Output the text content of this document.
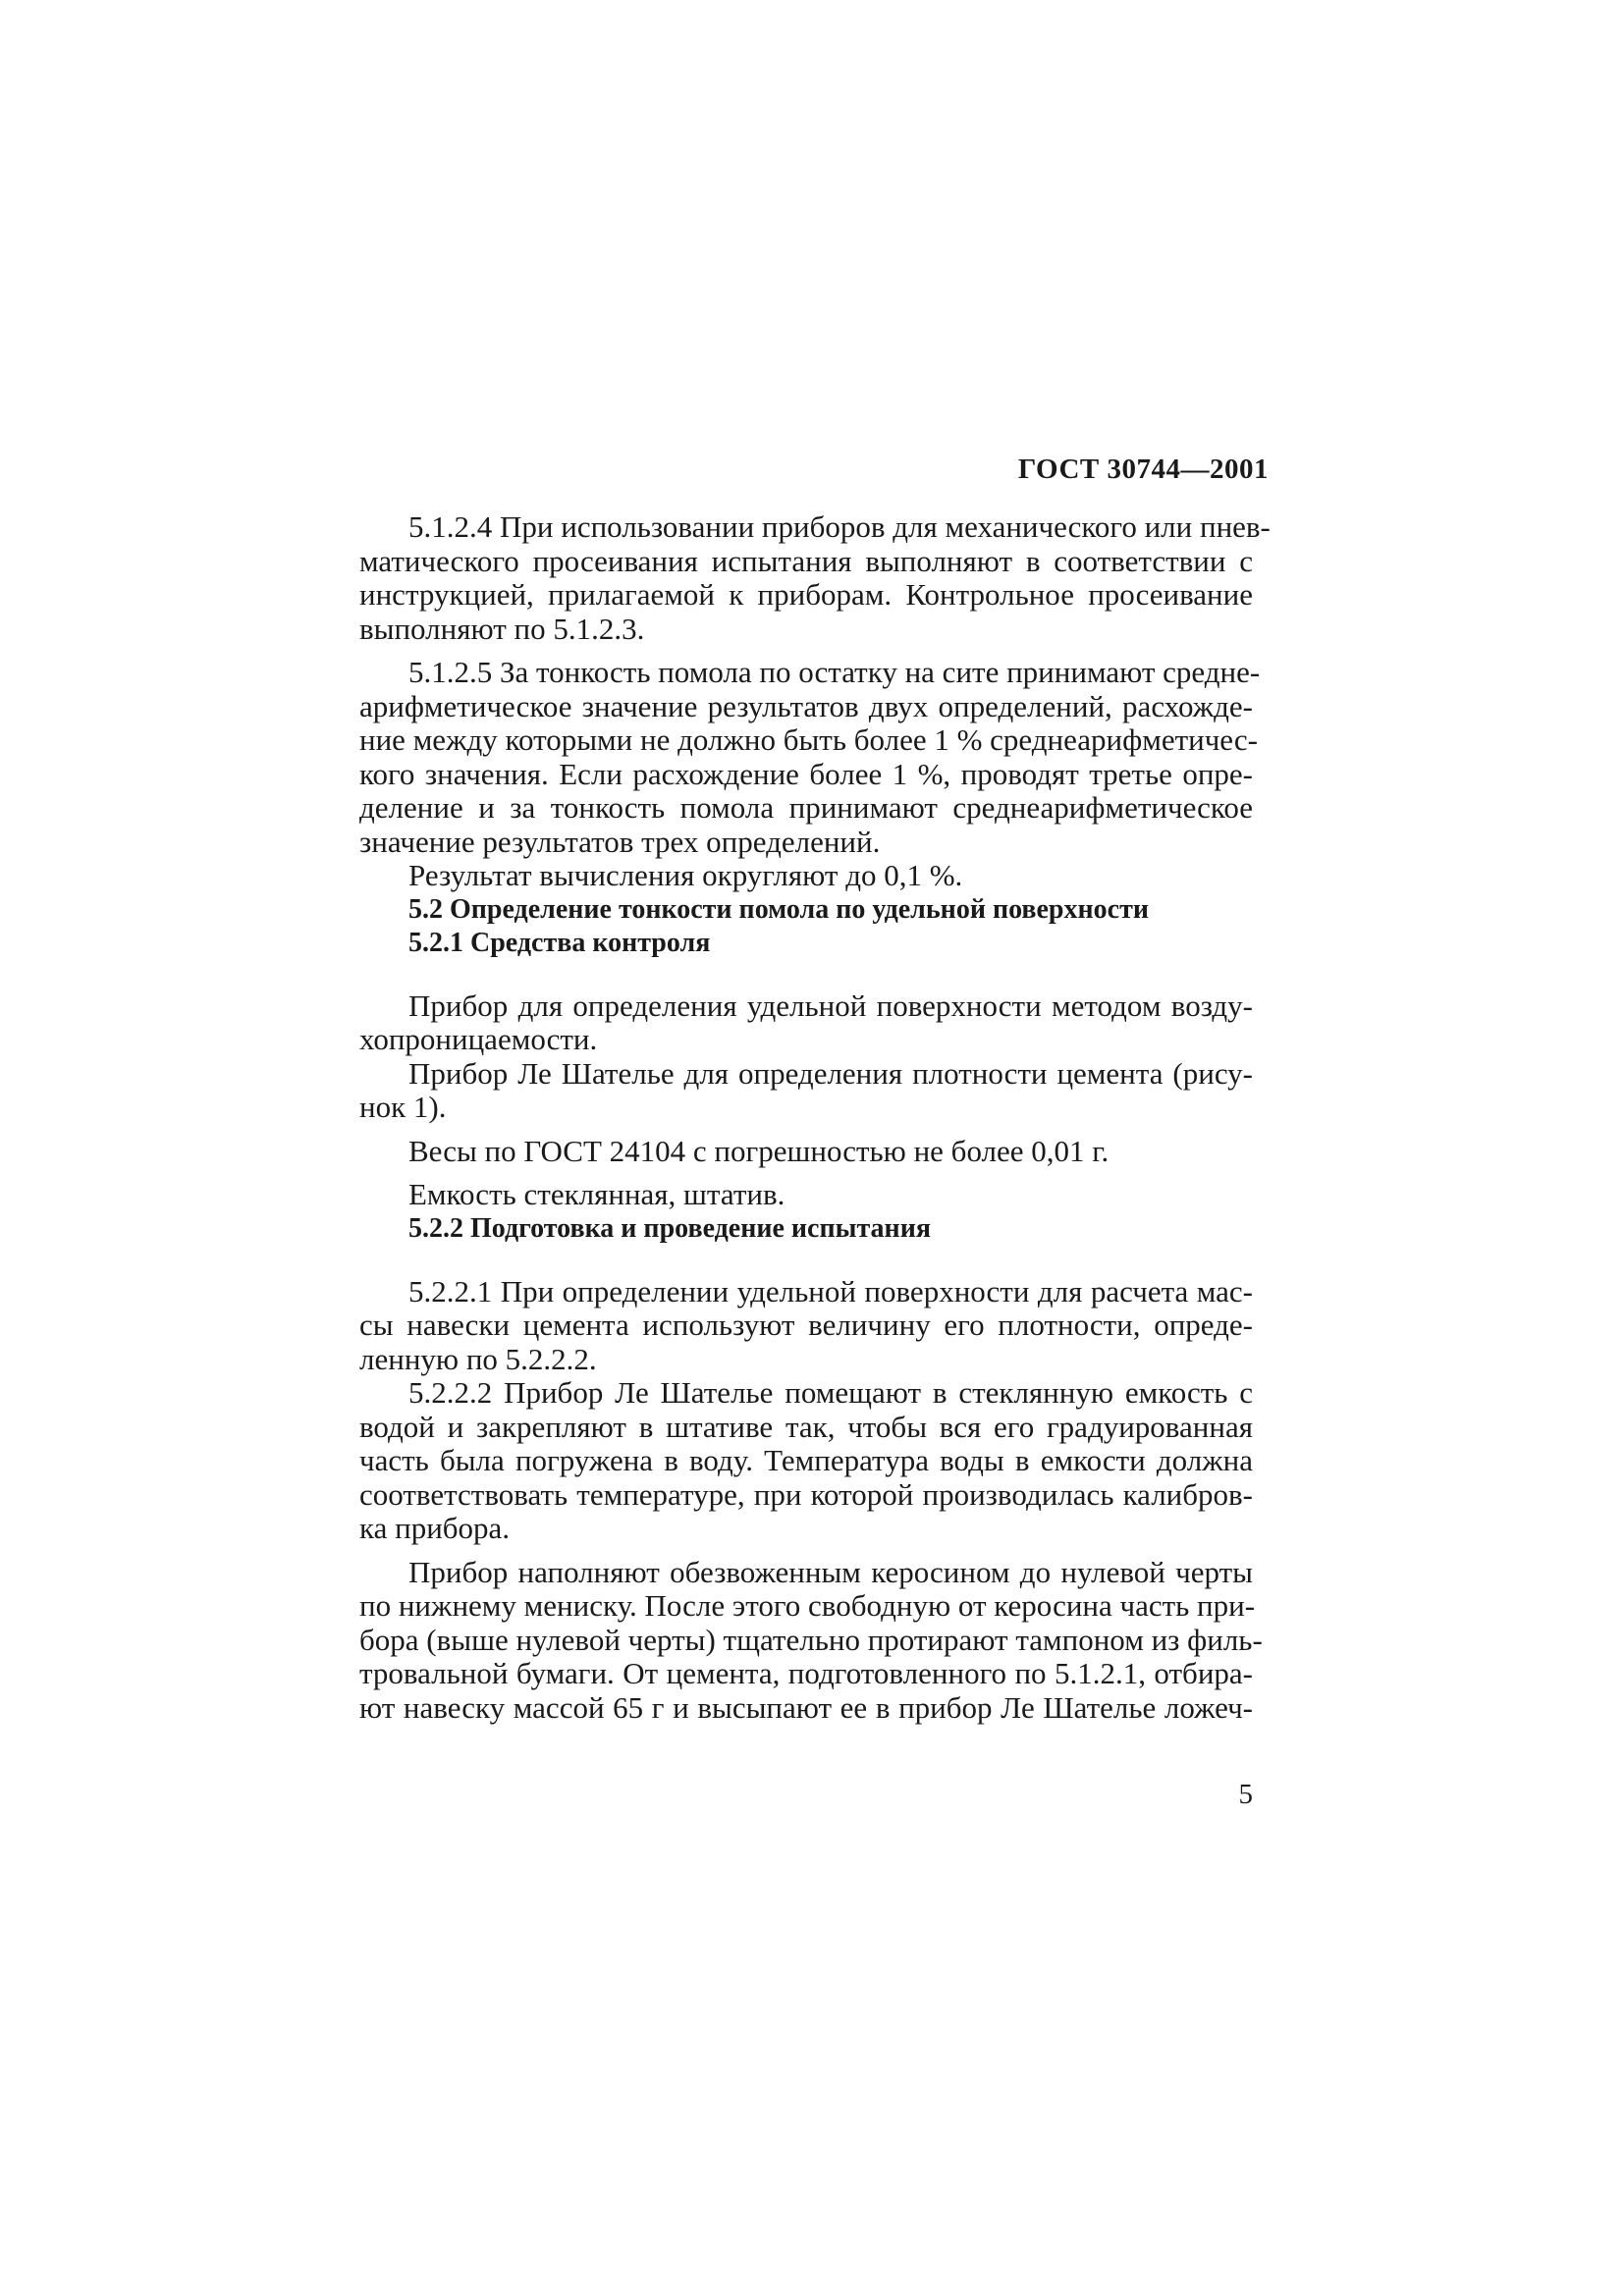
ГОСТ 30744—2001

5.1.2.4 При использовании приборов для механического или пнев-
матического просеивания испытания выполняют в соответствии с
инструкцией, прилагаемой к приборам. Контрольное просеивание
выполняют по 5.1.2.3.

5.1.2.5 За тонкость помола по остатку на сите принимают средне-
арифметическое значение результатов двух определений, расхожде-
ние между которыми не должно быть более 1 % среднеарифметичес-
кого значения. Если расхождение более 1 %, проводят третье опре-
деление и за тонкость помола принимают среднеарифметическое
значение результатов трех определений.

Результат вычисления округляют до 0,1 %.

5.2 Определение тонкости помола по удельной поверхности
5.2.1 Средства контроля

Прибор для определения удельной поверхности методом возду-
хопроницаемости.

Прибор Ле Шателье для определения плотности цемента (рису-
нок 1).

Весы по ГОСТ 24104 с погрешностью не более 0,01 г.

Емкость стеклянная, штатив.

5.2.2 Подготовка и проведение испытания

5.2.2.1 При определении удельной поверхности для расчета мас-
сы навески цемента используют величину его плотности, опреде-
ленную по 5.2.2.2.

5.2.2.2 Прибор Ле Шателье помещают в стеклянную емкость с
водой и закрепляют в штативе так, чтобы вся его градуированная
часть была погружена в воду. Температура воды в емкости должна
соответствовать температуре, при которой производилась калибров-
ка прибора.

Прибор наполняют обезвоженным керосином до нулевой черты
по нижнему мениску. После этого свободную от керосина часть при-
бора (выше нулевой черты) тщательно протирают тампоном из филь-
тровальной бумаги. От цемента, подготовленного по 5.1.2.1, отбира-
ют навеску массой 65 г и высыпают ее в прибор Ле Шателье ложеч-

5
